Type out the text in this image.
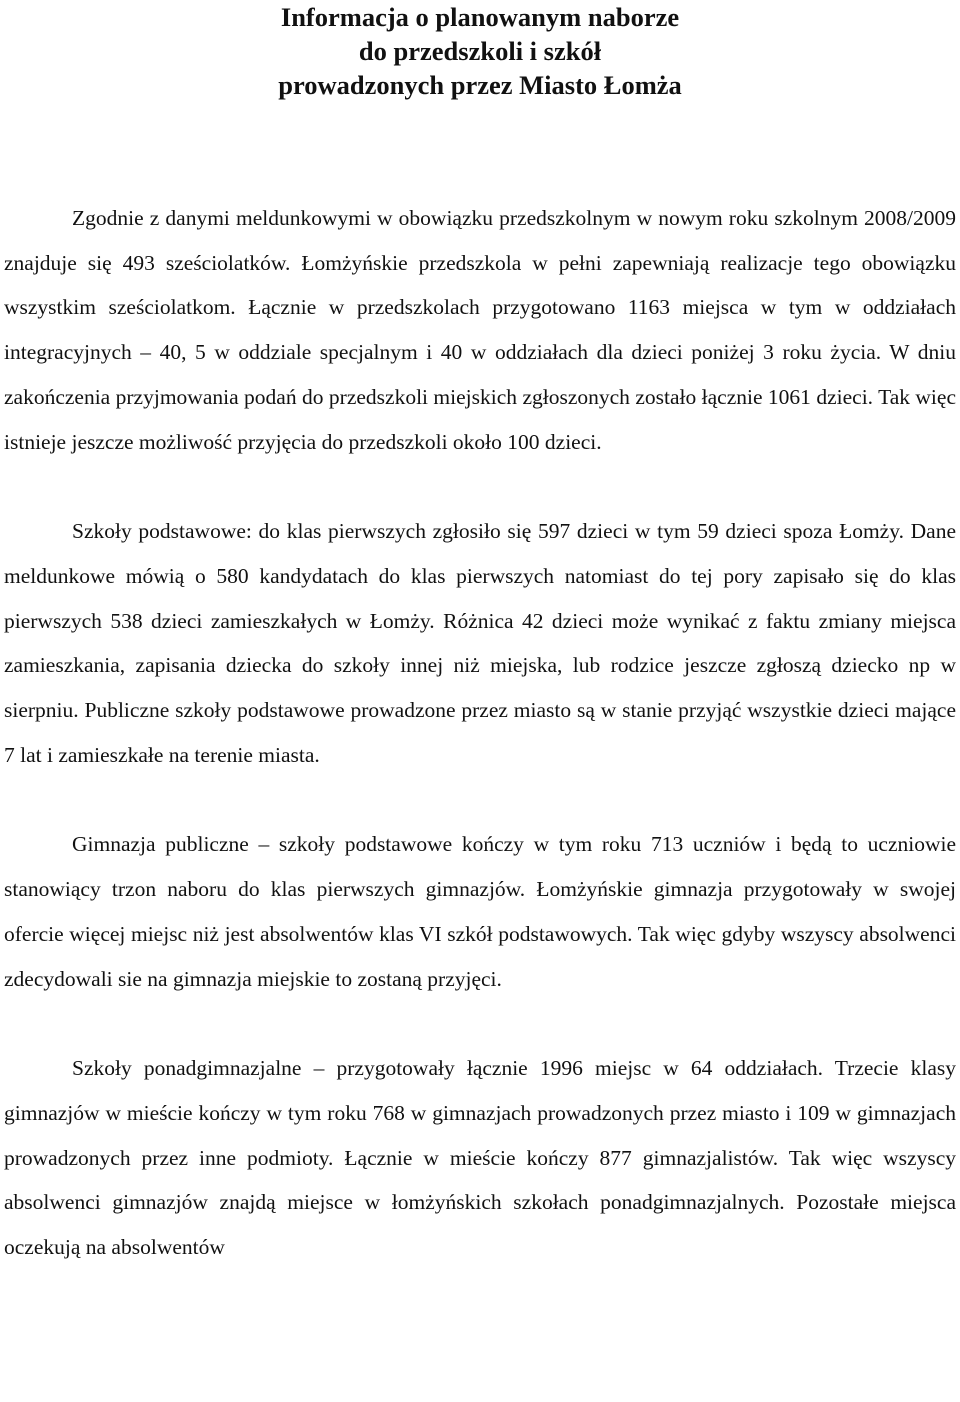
Informacja o planowanym naborze
do przedszkoli i szkół
prowadzonych przez Miasto Łomża

Zgodnie z danymi meldunkowymi w obowiązku przedszkolnym w nowym roku szkolnym 2008/2009 znajduje się 493 sześciolatków. Łomżyńskie przedszkola w pełni zapewniają realizacje tego obowiązku wszystkim sześciolatkom. Łącznie w przedszkolach przygotowano 1163 miejsca w tym w oddziałach integracyjnych – 40, 5 w oddziale specjalnym i 40 w oddziałach dla dzieci poniżej 3 roku życia. W dniu zakończenia przyjmowania podań do przedszkoli miejskich zgłoszonych zostało łącznie 1061 dzieci. Tak więc istnieje jeszcze możliwość przyjęcia do przedszkoli około 100 dzieci.

Szkoły podstawowe: do klas pierwszych zgłosiło się 597 dzieci w tym 59 dzieci spoza Łomży. Dane meldunkowe mówią o 580 kandydatach do klas pierwszych natomiast do tej pory zapisało się do klas pierwszych 538 dzieci zamieszkałych w Łomży. Różnica 42 dzieci może wynikać z faktu zmiany miejsca zamieszkania, zapisania dziecka do szkoły innej niż miejska, lub rodzice jeszcze zgłoszą dziecko np w sierpniu. Publiczne szkoły podstawowe prowadzone przez miasto są w stanie przyjąć wszystkie dzieci mające 7 lat i zamieszkałe na terenie miasta.

Gimnazja publiczne – szkoły podstawowe kończy w tym roku 713 uczniów i będą to uczniowie stanowiący trzon naboru do klas pierwszych gimnazjów. Łomżyńskie gimnazja przygotowały w swojej ofercie więcej miejsc niż jest absolwentów klas VI szkół podstawowych. Tak więc gdyby wszyscy absolwenci zdecydowali sie na gimnazja miejskie to zostaną przyjęci.

Szkoły ponadgimnazjalne – przygotowały łącznie 1996 miejsc w 64 oddziałach. Trzecie klasy gimnazjów w mieście kończy w tym roku 768 w gimnazjach prowadzonych przez miasto i 109 w gimnazjach prowadzonych przez inne podmioty. Łącznie w mieście kończy 877 gimnazjalistów. Tak więc wszyscy absolwenci gimnazjów znajdą miejsce w łomżyńskich szkołach ponadgimnazjalnych. Pozostałe miejsca oczekują na absolwentów
